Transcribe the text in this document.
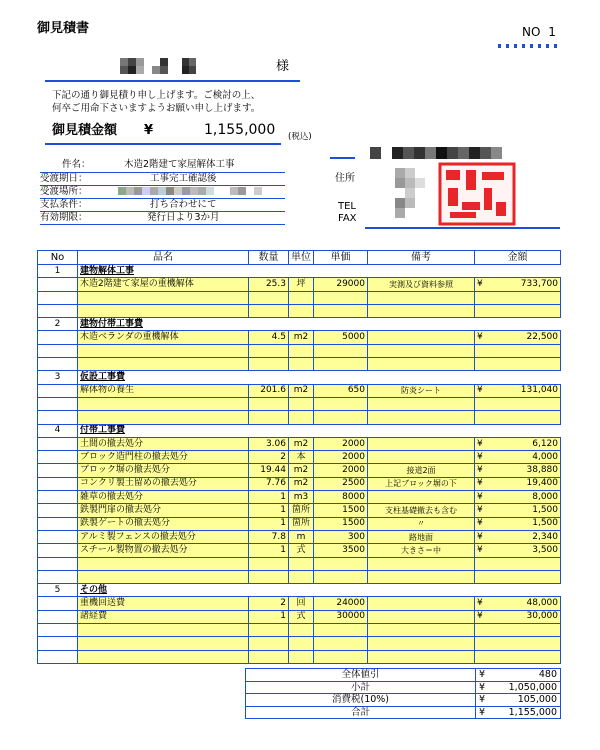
御見積書	NO 1
様
下記の通り御見積り申し上げます。ご検討の上、
何卒ご用命下さいますようお願い申し上げます。
御見積金額 ¥	1,155,000 (税込)
件名：	木造2階建て家屋解体工事
受渡期日：	工事完工確認後
受渡場所：
支払条件：	打ち合わせにて
有効期限：	発行日より3か月
住所
TEL
FAX
No	品名	数量	単位	単価	備考	金額
1	建物解体工事					
	木造2階建て家屋の重機解体	25.3	坪	29000	実測及び資料参照	¥ 733,700

2	建物付帯工事費					
	木造ベランダの重機解体	4.5	m2	5000		¥ 22,500

3	仮設工事費					
	解体物の養生	201.6	m2	650	防炎シート	¥ 131,040

4	付帯工事費					
	土間の撤去処分	3.06	m2	2000		¥ 6,120
	ブロック造門柱の撤去処分	2	本	2000		¥ 4,000
	ブロック塀の撤去処分	19.44	m2	2000	接道2面	¥ 38,880
	コンクリ製土留めの撤去処分	7.76	m2	2500	上記ブロック塀の下	¥ 19,400
	雑草の撤去処分	1	m3	8000		¥ 8,000
	鉄製門扉の撤去処分	1	箇所	1500	支柱基礎撤去も含む	¥ 1,500
	鉄製ゲートの撤去処分	1	箇所	1500	〃	¥ 1,500
	アルミ製フェンスの撤去処分	7.8	m	300	路地面	¥ 2,340
	スチール製物置の撤去処分	1	式	3500	大きさ＝中	¥ 3,500

5	その他					
	重機回送費	2	回	24000		¥ 48,000
	諸経費	1	式	30000		¥ 30,000

全体値引	¥ 480
小計	¥ 1,050,000
消費税(10%)	¥ 105,000
合計	¥ 1,155,000
